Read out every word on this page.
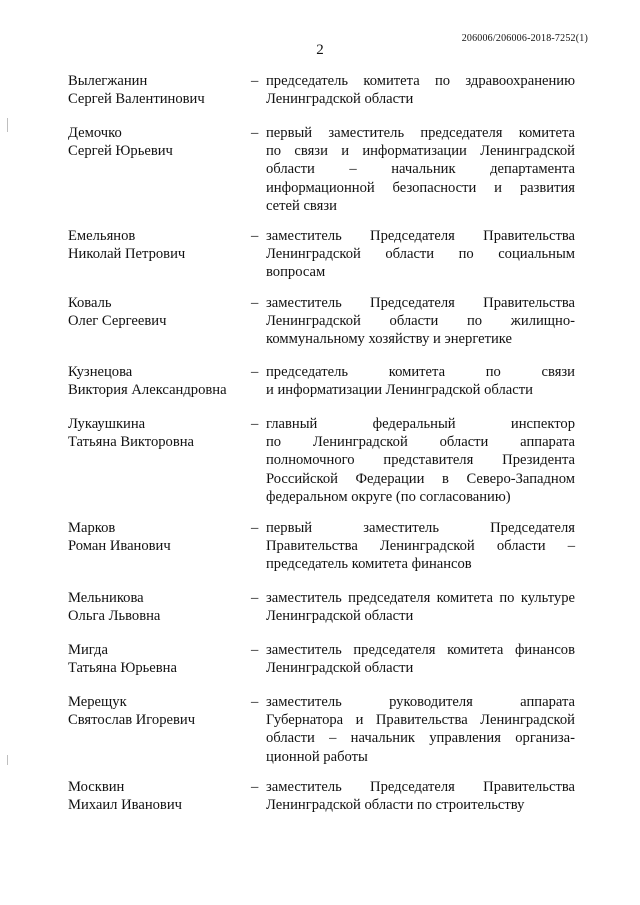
206006/206006-2018-7252(1)
2
Вылегжанин
Сергей Валентинович
– председатель комитета по здравоохранению
Ленинградской области
Демочко
Сергей Юрьевич
– первый заместитель председателя комитета
по связи и информатизации Ленинградской
области – начальник департамента
информационной безопасности и развития
сетей связи
Емельянов
Николай Петрович
– заместитель Председателя Правительства
Ленинградской области по социальным
вопросам
Коваль
Олег Сергеевич
– заместитель Председателя Правительства
Ленинградской области по жилищно-
коммунальному хозяйству и энергетике
Кузнецова
Виктория Александровна
– председатель комитета по связи
и информатизации Ленинградской области
Лукаушкина
Татьяна Викторовна
– главный федеральный инспектор
по Ленинградской области аппарата
полномочного представителя Президента
Российской Федерации в Северо-Западном
федеральном округе (по согласованию)
Марков
Роман Иванович
– первый заместитель Председателя
Правительства Ленинградской области –
председатель комитета финансов
Мельникова
Ольга Львовна
– заместитель председателя комитета по культуре
Ленинградской области
Мигда
Татьяна Юрьевна
– заместитель председателя комитета финансов
Ленинградской области
Мерещук
Святослав Игоревич
– заместитель руководителя аппарата
Губернатора и Правительства Ленинградской
области – начальник управления организа-
ционной работы
Москвин
Михаил Иванович
– заместитель Председателя Правительства
Ленинградской области по строительству
